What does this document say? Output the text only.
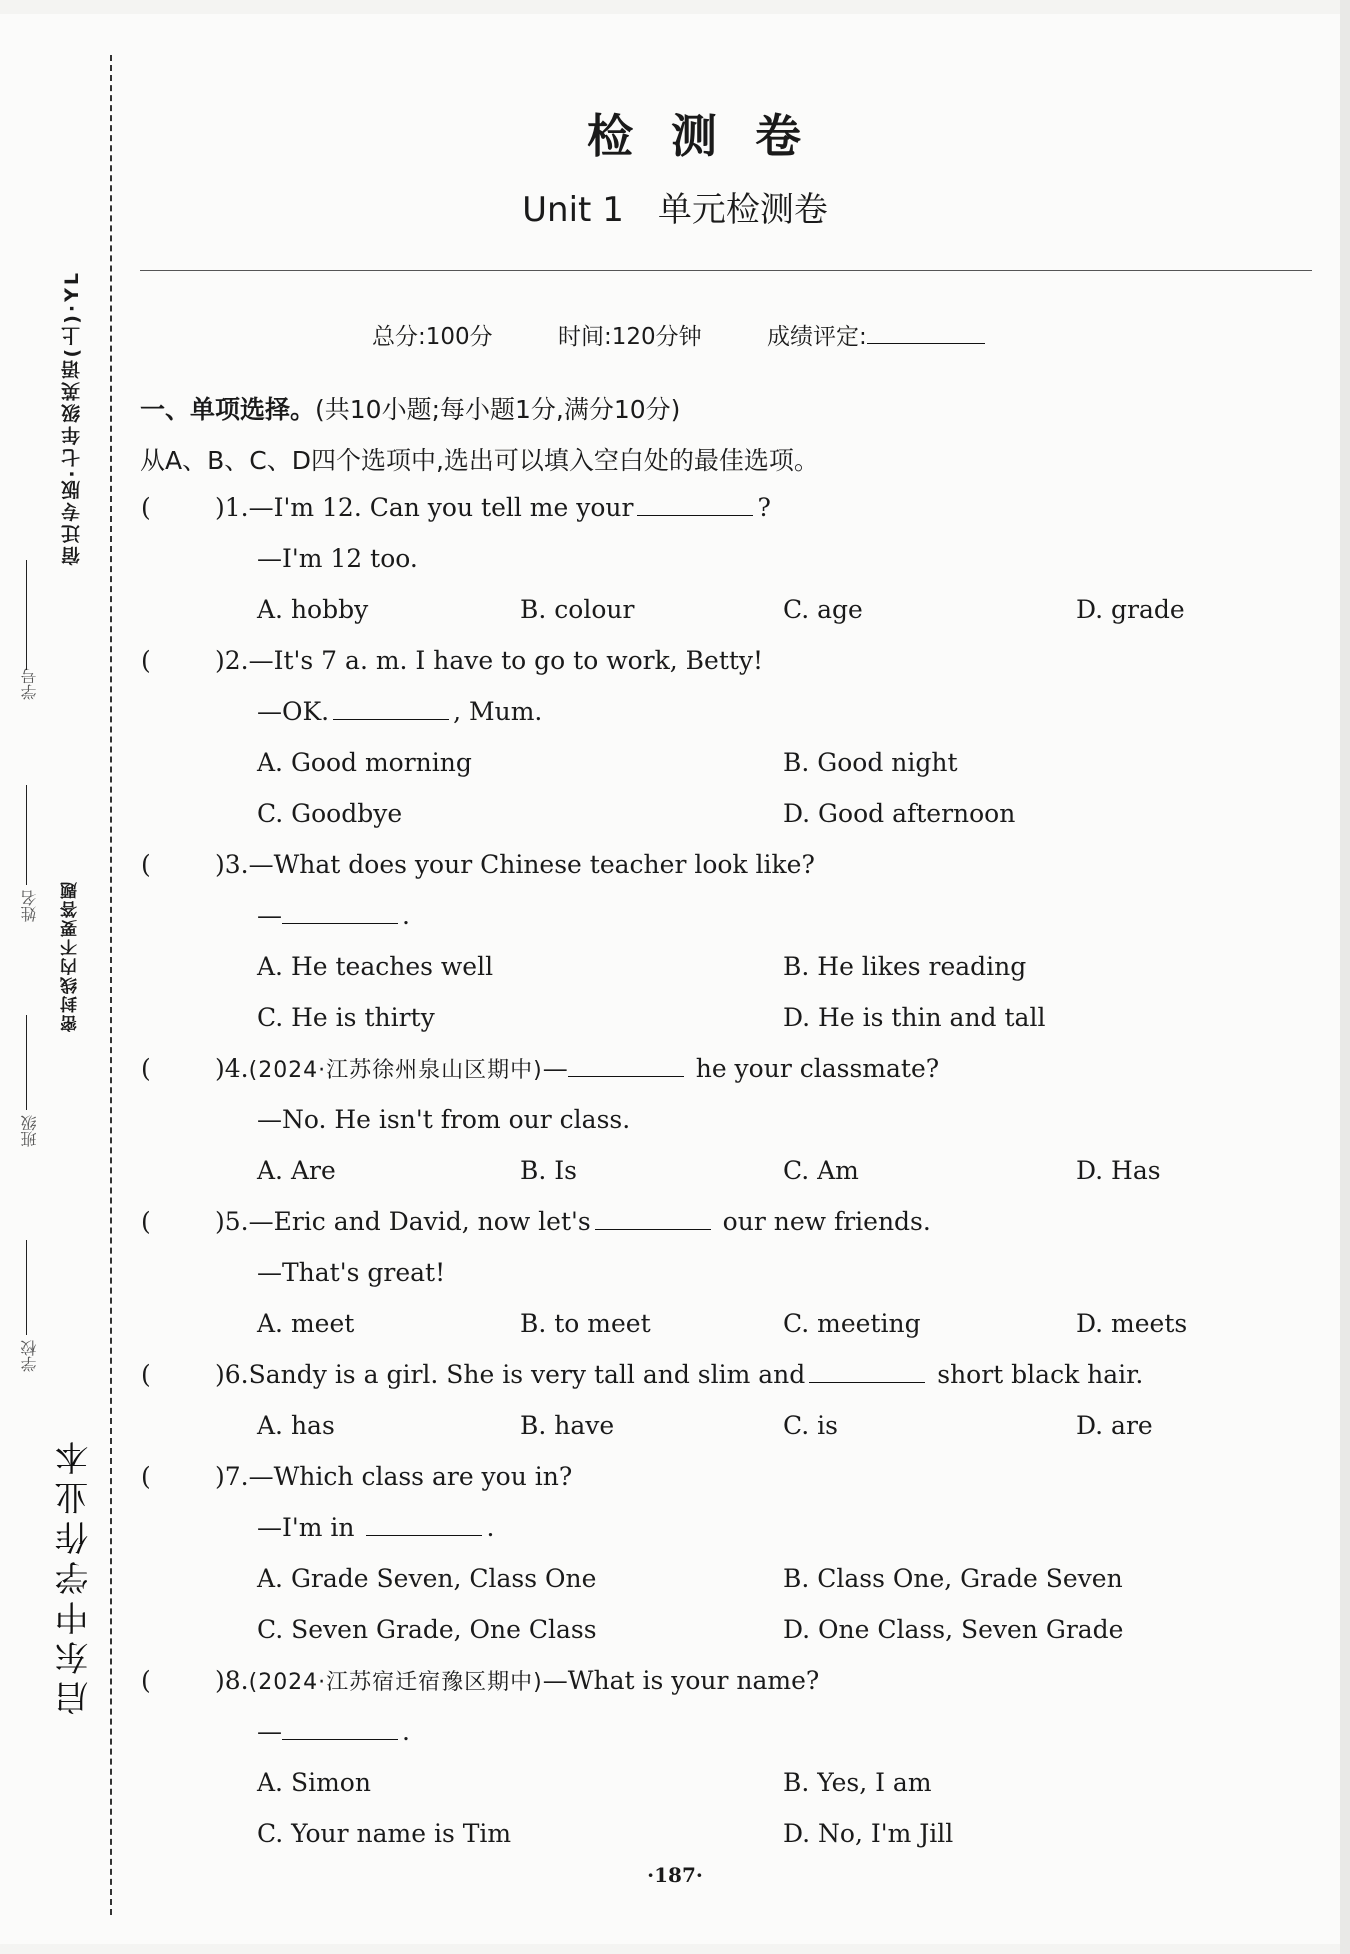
宿迁专版·七年级英语(上)·YL
密封线内不要答题
启东中学作业本
学号
姓名
班级
学校
检测卷
Unit 1　单元检测卷
总分:100分	时间:120分钟	成绩评定:
一、单项选择。(共10小题;每小题1分,满分10分)
从A、B、C、D四个选项中,选出可以填入空白处的最佳选项。
(	)1.—I'm 12. Can you tell me your	?
—I'm 12 too.
A. hobby	B. colour	C. age	D. grade
(	)2.—It's 7 a. m. I have to go to work, Betty!
—OK.	, Mum.
A. Good morning	B. Good night
C. Goodbye	D. Good afternoon
(	)3.—What does your Chinese teacher look like?
—	.
A. He teaches well	B. He likes reading
C. He is thirty	D. He is thin and tall
(	)4.(2024·江苏徐州泉山区期中)—	he your classmate?
—No. He isn't from our class.
A. Are	B. Is	C. Am	D. Has
(	)5.—Eric and David, now let's	our new friends.
—That's great!
A. meet	B. to meet	C. meeting	D. meets
(	)6.Sandy is a girl. She is very tall and slim and	short black hair.
A. has	B. have	C. is	D. are
(	)7.—Which class are you in?
—I'm in	.
A. Grade Seven, Class One	B. Class One, Grade Seven
C. Seven Grade, One Class	D. One Class, Seven Grade
(	)8.(2024·江苏宿迁宿豫区期中)—What is your name?
—	.
A. Simon	B. Yes, I am
C. Your name is Tim	D. No, I'm Jill
·187·
